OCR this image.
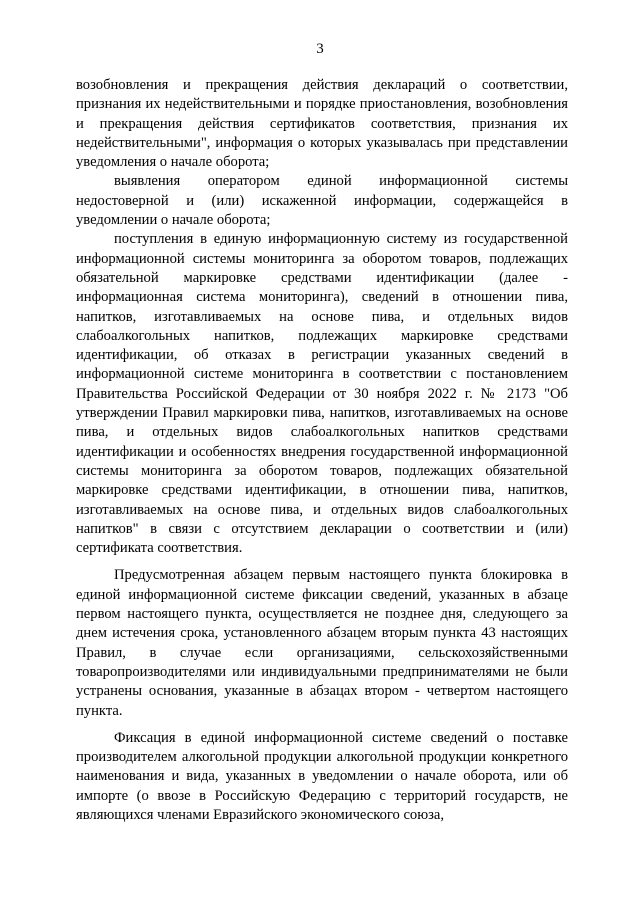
3

возобновления и прекращения действия деклараций о соответствии, признания их недействительными и порядке приостановления, возобновления и прекращения действия сертификатов соответствия, признания их недействительными", информация о которых указывалась при представлении уведомления о начале оборота;

выявления оператором единой информационной системы недостоверной и (или) искаженной информации, содержащейся в уведомлении о начале оборота;

поступления в единую информационную систему из государственной информационной системы мониторинга за оборотом товаров, подлежащих обязательной маркировке средствами идентификации (далее - информационная система мониторинга), сведений в отношении пива, напитков, изготавливаемых на основе пива, и отдельных видов слабоалкогольных напитков, подлежащих маркировке средствами идентификации, об отказах в регистрации указанных сведений в информационной системе мониторинга в соответствии с постановлением Правительства Российской Федерации от 30 ноября 2022 г. № 2173 "Об утверждении Правил маркировки пива, напитков, изготавливаемых на основе пива, и отдельных видов слабоалкогольных напитков средствами идентификации и особенностях внедрения государственной информационной системы мониторинга за оборотом товаров, подлежащих обязательной маркировке средствами идентификации, в отношении пива, напитков, изготавливаемых на основе пива, и отдельных видов слабоалкогольных напитков" в связи с отсутствием декларации о соответствии и (или) сертификата соответствия.

Предусмотренная абзацем первым настоящего пункта блокировка в единой информационной системе фиксации сведений, указанных в абзаце первом настоящего пункта, осуществляется не позднее дня, следующего за днем истечения срока, установленного абзацем вторым пункта 43 настоящих Правил, в случае если организациями, сельскохозяйственными товаропроизводителями или индивидуальными предпринимателями не были устранены основания, указанные в абзацах втором - четвертом настоящего пункта.

Фиксация в единой информационной системе сведений о поставке производителем алкогольной продукции алкогольной продукции конкретного наименования и вида, указанных в уведомлении о начале оборота, или об импорте (о ввозе в Российскую Федерацию с территорий государств, не являющихся членами Евразийского экономического союза,
